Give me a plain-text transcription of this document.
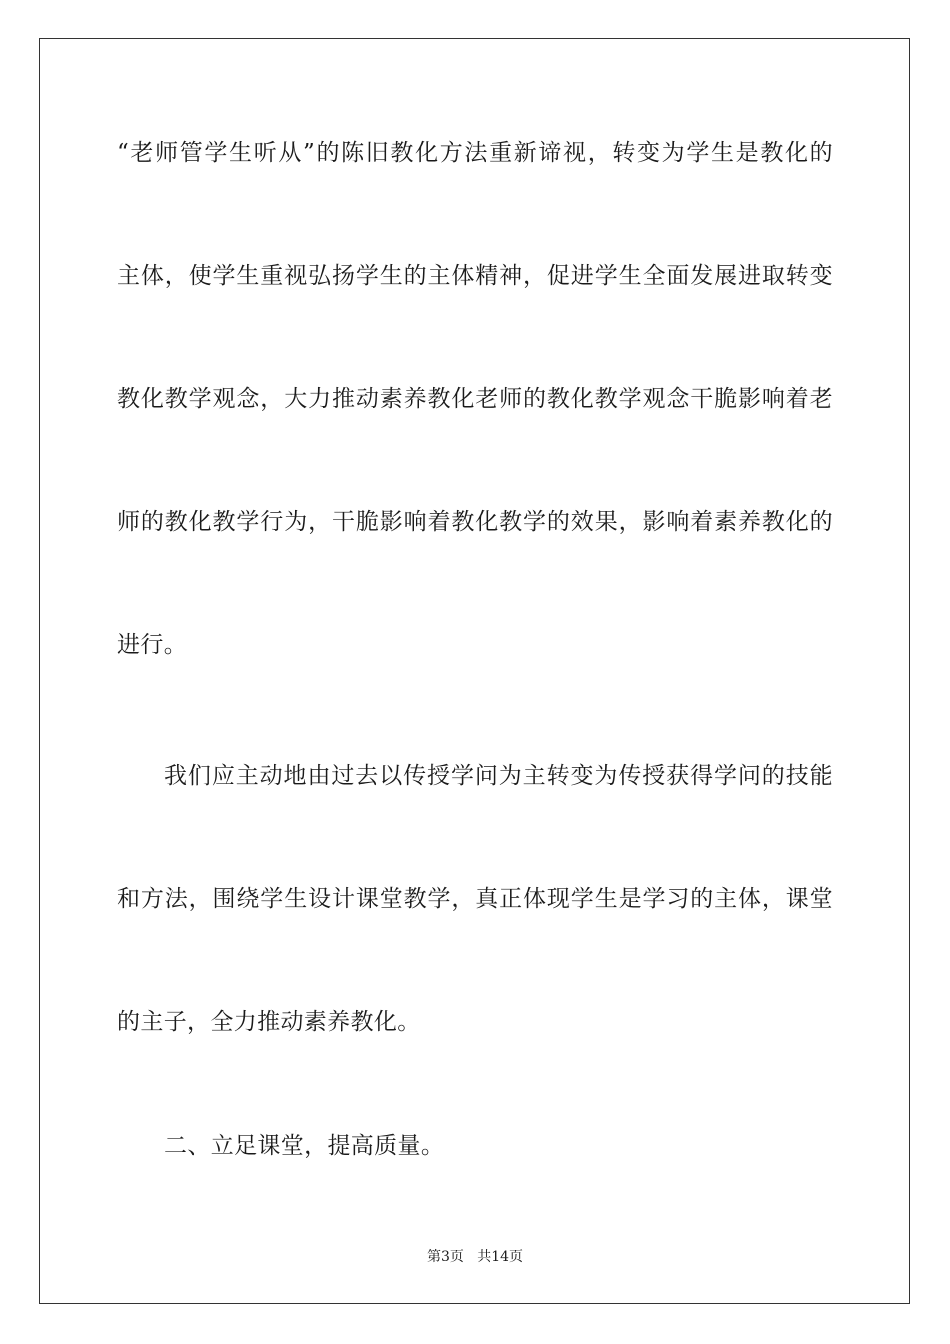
“老师管学生听从”的陈旧教化方法重新谛视，转变为学生是教化的
主体，使学生重视弘扬学生的主体精神，促进学生全面发展进取转变
教化教学观念，大力推动素养教化老师的教化教学观念干脆影响着老
师的教化教学行为，干脆影响着教化教学的效果，影响着素养教化的
进行。
我们应主动地由过去以传授学问为主转变为传授获得学问的技能
和方法，围绕学生设计课堂教学，真正体现学生是学习的主体，课堂
的主子，全力推动素养教化。
二、立足课堂，提高质量。
第3页   共14页
